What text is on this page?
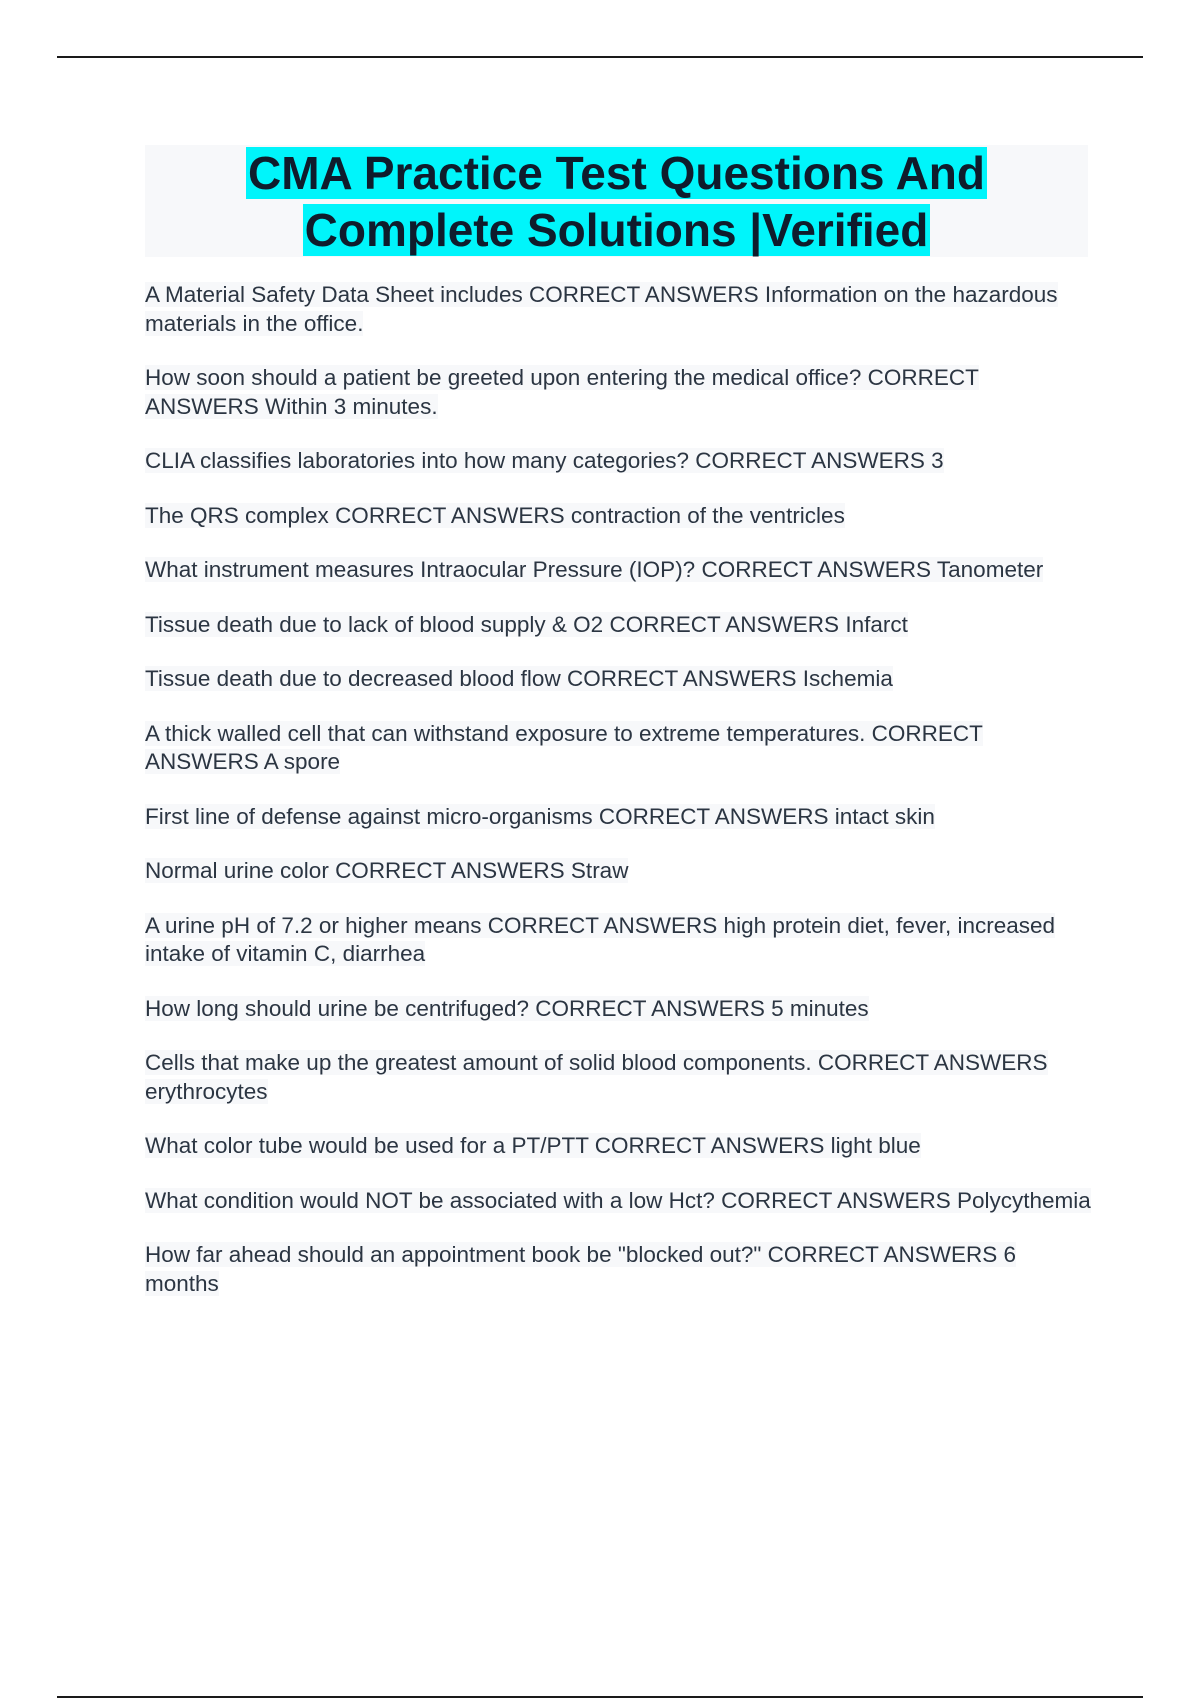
CMA Practice Test Questions And
Complete Solutions |Verified

A Material Safety Data Sheet includes CORRECT ANSWERS Information on the hazardous materials in the office.

How soon should a patient be greeted upon entering the medical office? CORRECT ANSWERS Within 3 minutes.

CLIA classifies laboratories into how many categories? CORRECT ANSWERS 3

The QRS complex CORRECT ANSWERS contraction of the ventricles

What instrument measures Intraocular Pressure (IOP)? CORRECT ANSWERS Tanometer

Tissue death due to lack of blood supply & O2 CORRECT ANSWERS Infarct

Tissue death due to decreased blood flow CORRECT ANSWERS Ischemia

A thick walled cell that can withstand exposure to extreme temperatures. CORRECT ANSWERS A spore

First line of defense against micro-organisms CORRECT ANSWERS intact skin

Normal urine color CORRECT ANSWERS Straw

A urine pH of 7.2 or higher means CORRECT ANSWERS high protein diet, fever, increased intake of vitamin C, diarrhea

How long should urine be centrifuged? CORRECT ANSWERS 5 minutes

Cells that make up the greatest amount of solid blood components. CORRECT ANSWERS erythrocytes

What color tube would be used for a PT/PTT CORRECT ANSWERS light blue

What condition would NOT be associated with a low Hct? CORRECT ANSWERS Polycythemia

How far ahead should an appointment book be "blocked out?" CORRECT ANSWERS 6 months
